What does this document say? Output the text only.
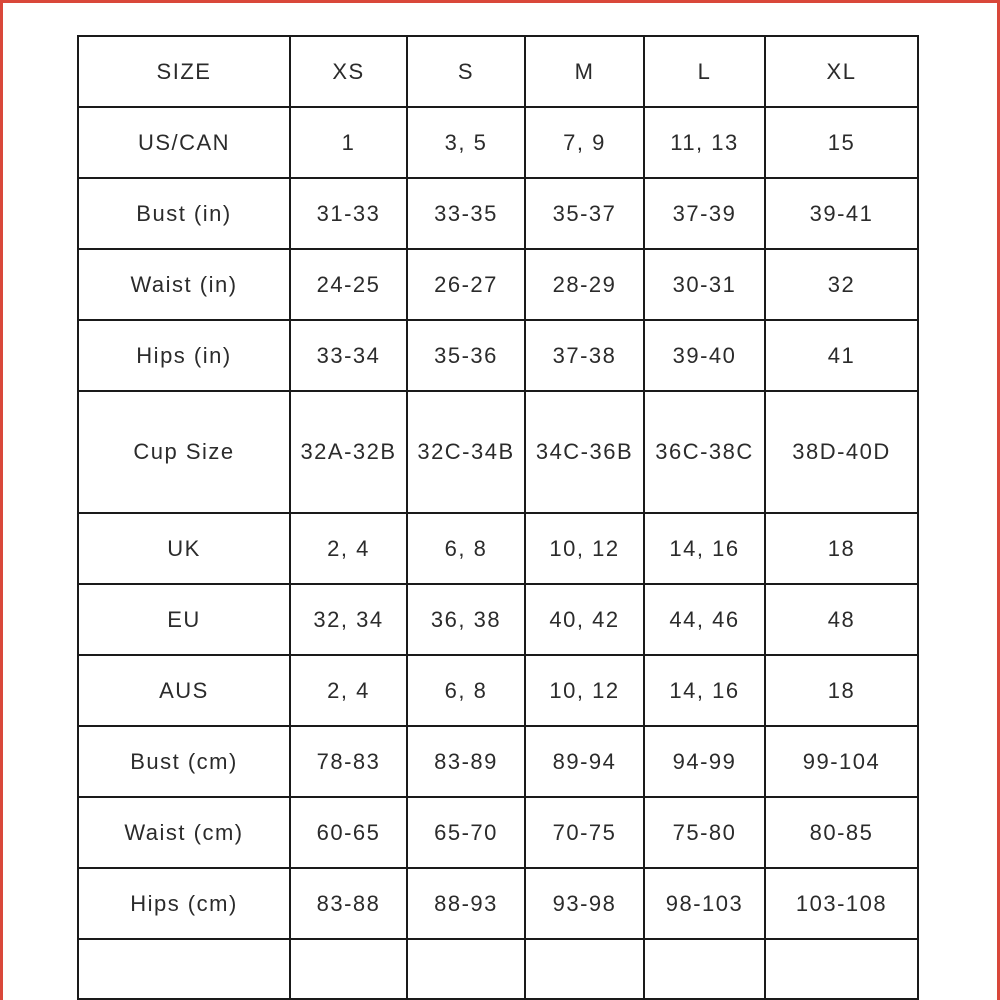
SIZE	XS	S	M	L	XL
US/CAN	1	3, 5	7, 9	11, 13	15
Bust (in)	31-33	33-35	35-37	37-39	39-41
Waist (in)	24-25	26-27	28-29	30-31	32
Hips (in)	33-34	35-36	37-38	39-40	41
Cup Size	32A-32B	32C-34B	34C-36B	36C-38C	38D-40D
UK	2, 4	6, 8	10, 12	14, 16	18
EU	32, 34	36, 38	40, 42	44, 46	48
AUS	2, 4	6, 8	10, 12	14, 16	18
Bust (cm)	78-83	83-89	89-94	94-99	99-104
Waist (cm)	60-65	65-70	70-75	75-80	80-85
Hips (cm)	83-88	88-93	93-98	98-103	103-108
